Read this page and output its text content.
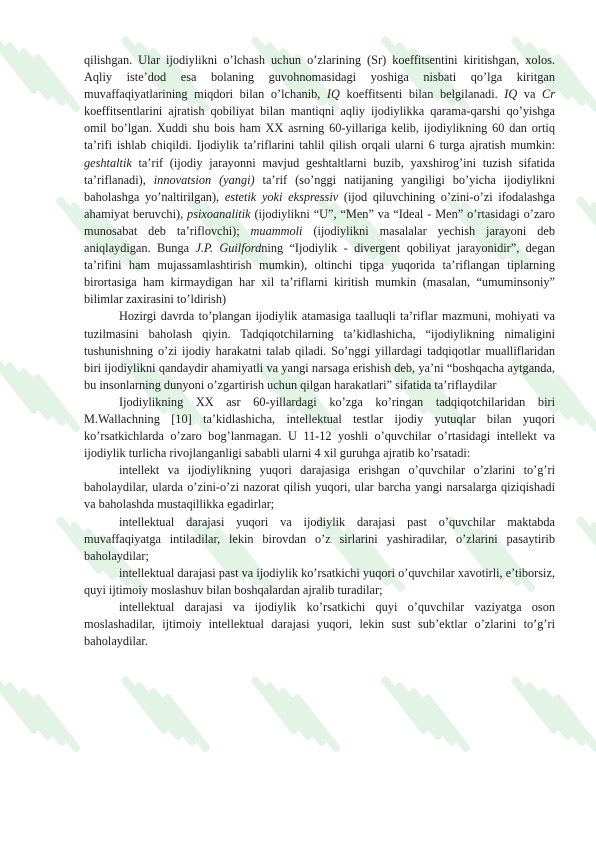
qilishgan. Ular ijodiylikni o’lchash uchun o’zlarining (Sr) koeffitsentini kiritishgan, xolos. Aqliy iste’dod esa bolaning guvohnomasidagi yoshiga nisbati qo’lga kiritgan muvaffaqiyatlarining miqdori bilan o’lchanib, IQ koeffitsenti bilan belgilanadi. IQ va Cr koeffitsentlarini ajratish qobiliyat bilan mantiqni aqliy ijodiylikka qarama-qarshi qo’yishga omil bo’lgan. Xuddi shu bois ham XX asrning 60-yillariga kelib, ijodiylikning 60 dan ortiq ta’rifi ishlab chiqildi. Ijodiylik ta’riflarini tahlil qilish orqali ularni 6 turga ajratish mumkin: geshtaltik ta’rif (ijodiy jarayonni mavjud geshtaltlarni buzib, yaxshirog’ini tuzish sifatida ta’riflanadi), innovatsion (yangi) ta’rif (so’nggi natijaning yangiligi bo’yicha ijodiylikni baholashga yo’naltirilgan), estetik yoki ekspressiv (ijod qiluvchining o’zini-o’zi ifodalashga ahamiyat beruvchi), psixoanalitik (ijodiylikni “U”, “Men” va “Ideal - Men” o’rtasidagi o’zaro munosabat deb ta’riflovchi); muammoli (ijodiylikni masalalar yechish jarayoni deb aniqlaydigan. Bunga J.P. Guilfordning “Ijodiylik - divergent qobiliyat jarayonidir”, degan ta’rifini ham mujassamlashtirish mumkin), oltinchi tipga yuqorida ta’riflangan tiplarning birortasiga ham kirmaydigan har xil ta’riflarni kiritish mumkin (masalan, “umuminsoniy” bilimlar zaxirasini to’ldirish)

Hozirgi davrda to’plangan ijodiylik atamasiga taalluqli ta’riflar mazmuni, mohiyati va tuzilmasini baholash qiyin. Tadqiqotchilarning ta’kidlashicha, “ijodiylikning nimaligini tushunishning o’zi ijodiy harakatni talab qiladi. So’nggi yillardagi tadqiqotlar mualliflaridan biri ijodiylikni qandaydir ahamiyatli va yangi narsaga erishish deb, ya’ni “boshqacha aytganda, bu insonlarning dunyoni o’zgartirish uchun qilgan harakatlari” sifatida ta’riflaydilar

Ijodiylikning XX asr 60-yillardagi ko’zga ko’ringan tadqiqotchilaridan biri M.Wallachning [10] ta’kidlashicha, intellektual testlar ijodiy yutuqlar bilan yuqori ko’rsatkichlarda o’zaro bog’lanmagan. U 11-12 yoshli o’quvchilar o’rtasidagi intellekt va ijodiylik turlicha rivojlanganligi sababli ularni 4 xil guruhga ajratib ko’rsatadi:

intellekt va ijodiylikning yuqori darajasiga erishgan o’quvchilar o’zlarini to’g’ri baholaydilar, ularda o’zini-o’zi nazorat qilish yuqori, ular barcha yangi narsalarga qiziqishadi va baholashda mustaqillikka egadirlar;

intellektual darajasi yuqori va ijodiylik darajasi past o’quvchilar maktabda muvaffaqiyatga intiladilar, lekin birovdan o’z sirlarini yashiradilar, o’zlarini pasaytirib baholaydilar;

intellektual darajasi past va ijodiylik ko’rsatkichi yuqori o’quvchilar xavotirli, e’tiborsiz, quyi ijtimoiy moslashuv bilan boshqalardan ajralib turadilar;

intellektual darajasi va ijodiylik ko’rsatkichi quyi o’quvchilar vaziyatga oson moslashadilar, ijtimoiy intellektual darajasi yuqori, lekin sust sub’ektlar o’zlarini to’g’ri baholaydilar.
